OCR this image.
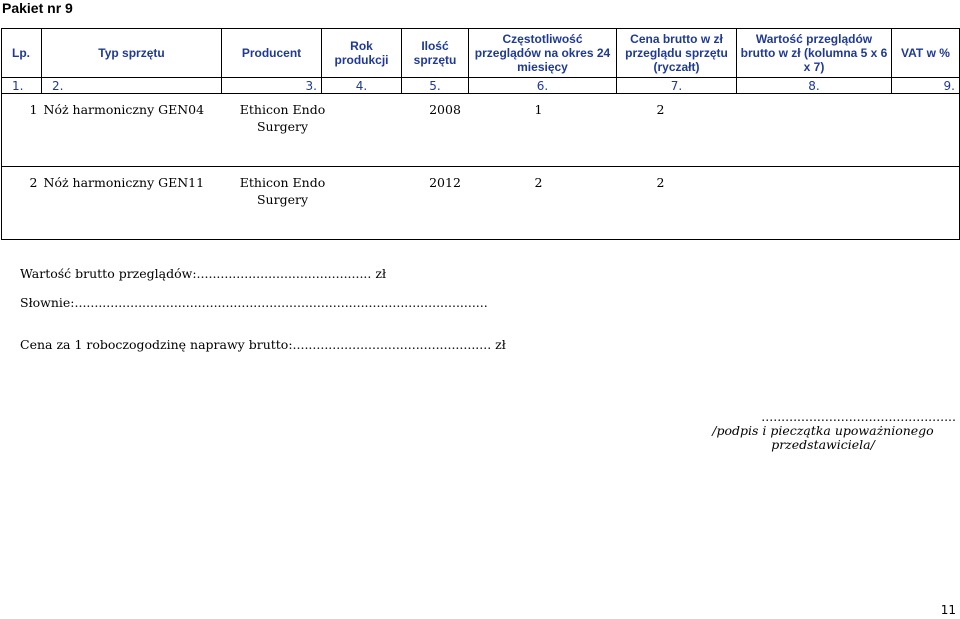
Pakiet nr 9
Lp.	Typ sprzętu	Producent	Rok produkcji	Ilość sprzętu	Częstotliwość przeglądów na okres 24 miesięcy	Cena brutto w zł przeglądu sprzętu (ryczałt)	Wartość przeglądów brutto w zł (kolumna 5 x 6 x 7)	VAT w %
1.	2.	3.	4.	5.	6.	7.	8.	9.
1	Nóż harmoniczny GEN04	Ethicon Endo Surgery		2008	1	2		
2	Nóż harmoniczny GEN11	Ethicon Endo Surgery		2012	2	2		
Wartość brutto przeglądów:............................................ zł
Słownie:........................................................................................................
Cena za 1 roboczogodzinę naprawy brutto:.................................................. zł
.................................................
/podpis i pieczątka upoważnionego przedstawiciela/
11
